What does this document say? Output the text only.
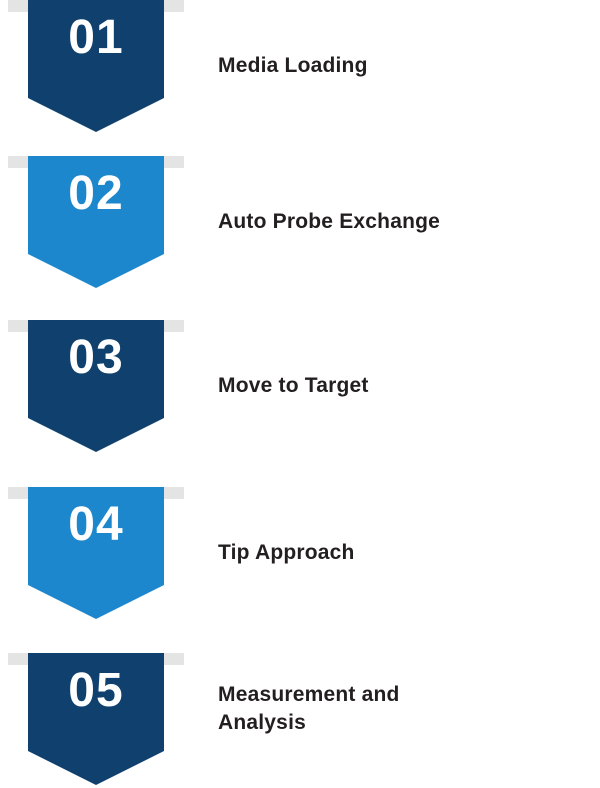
01
Media Loading
02
Auto Probe Exchange
03
Move to Target
04
Tip Approach
05	Measurement and Analysis
